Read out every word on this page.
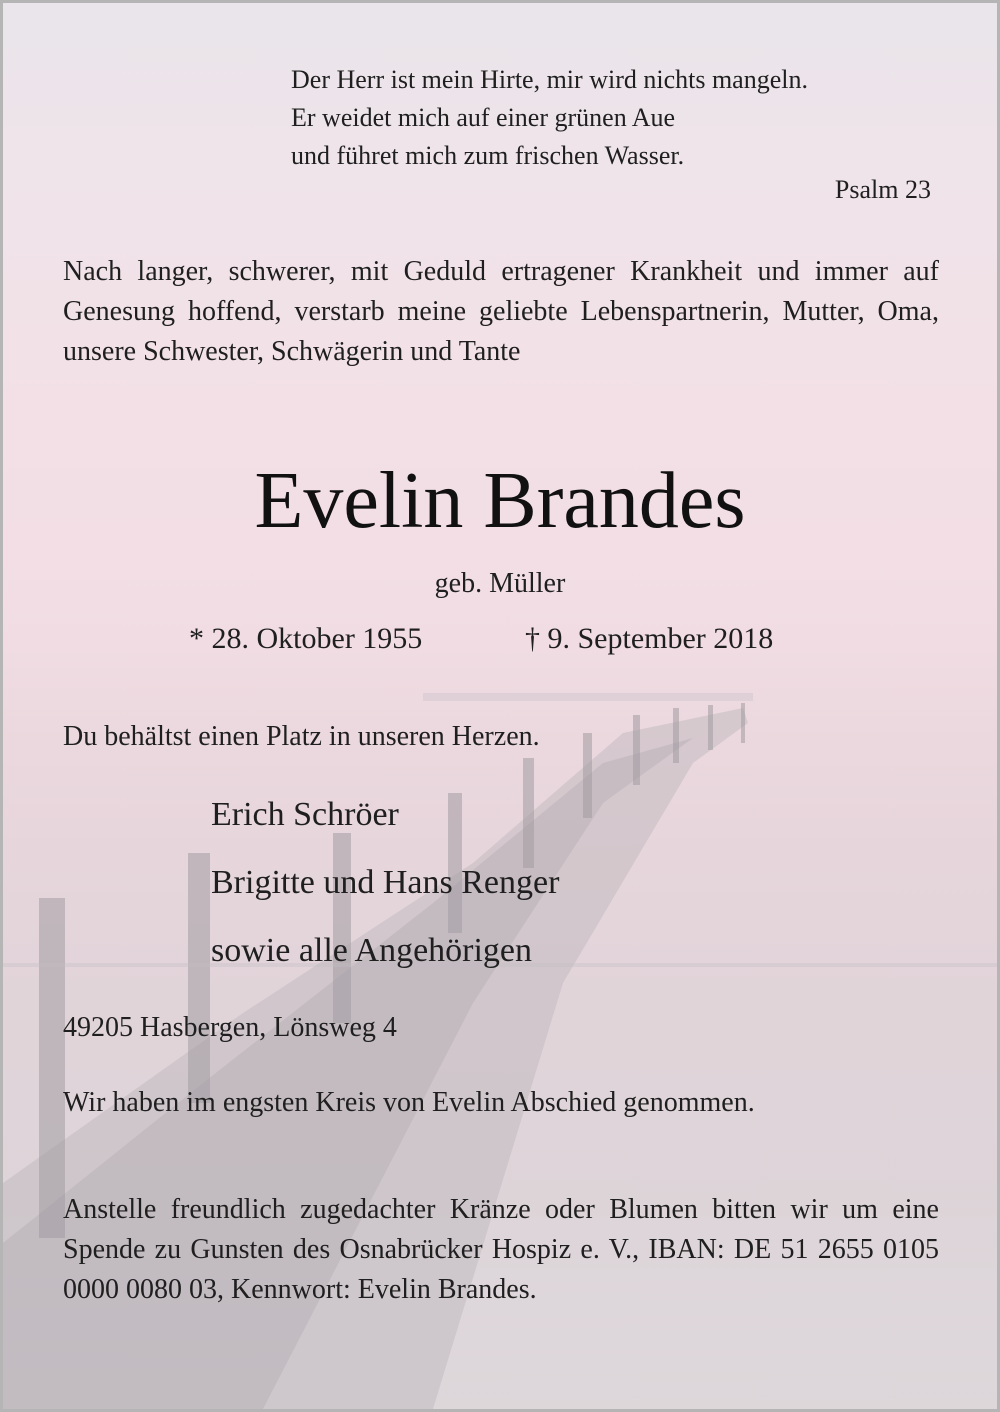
Der Herr ist mein Hirte, mir wird nichts mangeln.
Er weidet mich auf einer grünen Aue
und führet mich zum frischen Wasser.
Psalm 23

Nach langer, schwerer, mit Geduld ertragener Krankheit und immer auf Genesung hoffend, verstarb meine geliebte Lebenspartnerin, Mutter, Oma, unsere Schwester, Schwägerin und Tante

Evelin Brandes
geb. Müller
* 28. Oktober 1955	† 9. September 2018
Du behältst einen Platz in unseren Herzen.
Erich Schröer
Brigitte und Hans Renger
sowie alle Angehörigen
49205 Hasbergen, Lönsweg 4

Wir haben im engsten Kreis von Evelin Abschied genommen.

Anstelle freundlich zugedachter Kränze oder Blumen bitten wir um eine Spende zu Gunsten des Osnabrücker Hospiz e. V., IBAN: DE 51 2655 0105 0000 0080 03, Kennwort: Evelin Brandes.
